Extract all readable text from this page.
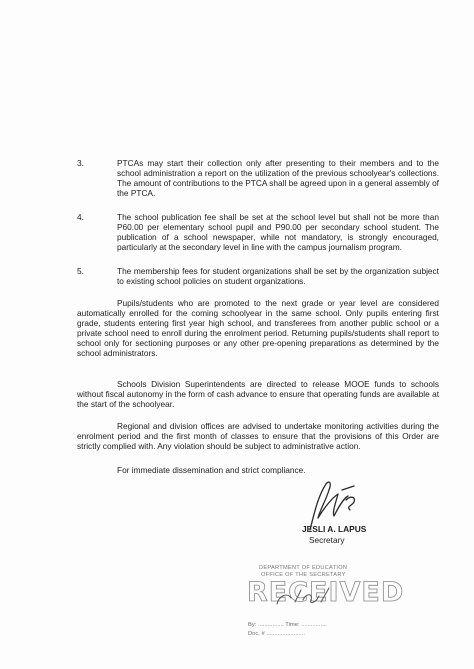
3.	PTCAs may start their collection only after presenting to their members and to the school administration a report on the utilization of the previous schoolyear's collections. The amount of contributions to the PTCA shall be agreed upon in a general assembly of the PTCA.

4.	The school publication fee shall be set at the school level but shall not be more than P60.00 per elementary school pupil and P90.00 per secondary school student. The publication of a school newspaper, while not mandatory, is strongly encouraged, particularly at the secondary level in line with the campus journalism program.

5.	The membership fees for student organizations shall be set by the organization subject to existing school policies on student organizations.

Pupils/students who are promoted to the next grade or year level are considered automatically enrolled for the coming schoolyear in the same school. Only pupils entering first grade, students entering first year high school, and transferees from another public school or a private school need to enroll during the enrolment period. Returning pupils/students shall report to school only for sectioning purposes or any other pre-opening preparations as determined by the school administrators.

Schools Division Superintendents are directed to release MOOE funds to schools without fiscal autonomy in the form of cash advance to ensure that operating funds are available at the start of the schoolyear.

Regional and division offices are advised to undertake monitoring activities during the enrolment period and the first month of classes to ensure that the provisions of this Order are strictly complied with. Any violation should be subject to administrative action.

For immediate dissemination and strict compliance.

JESLI A. LAPUS
Secretary
DEPARTMENT OF EDUCATION
OFFICE OF THE SECRETARY
RECEIVED
By: ................ Time: ................
Doc. # ........................
